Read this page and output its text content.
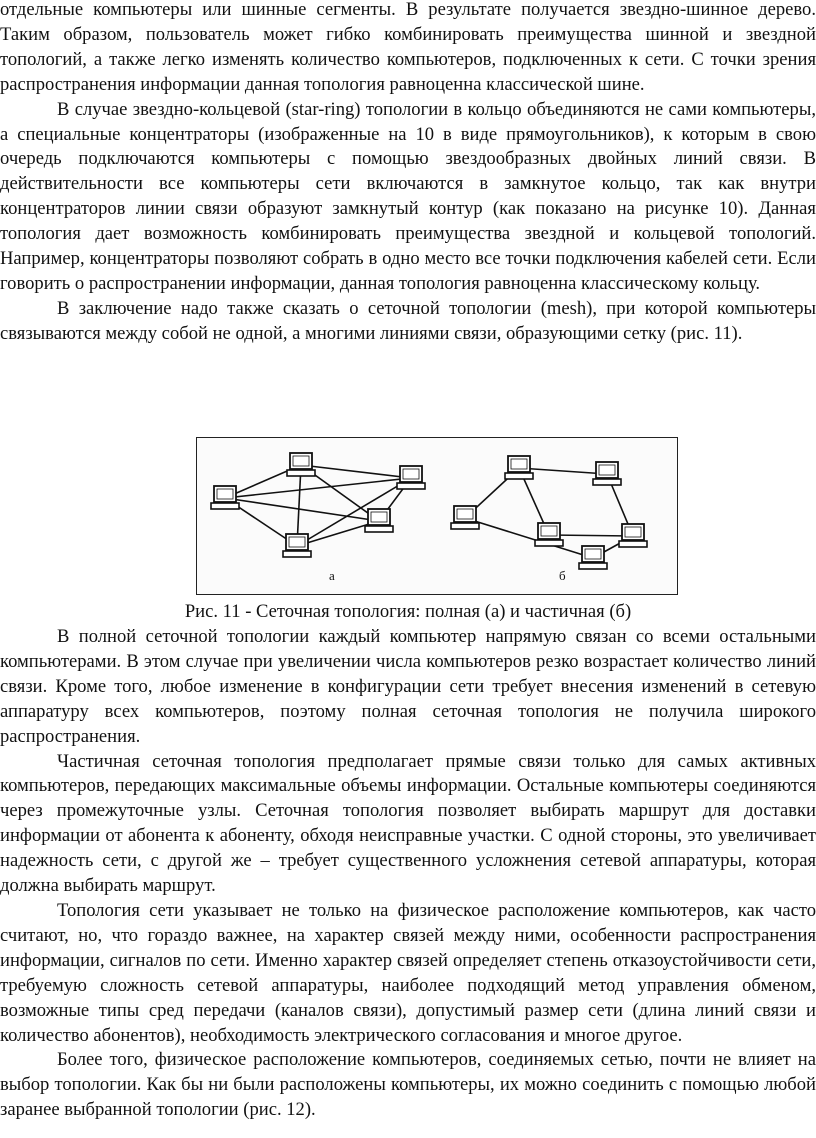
отдельные компьютеры или шинные сегменты. В результате получается звездно-шинное дерево. Таким образом, пользователь может гибко комбинировать преимущества шинной и звездной топологий, а также легко изменять количество компьютеров, подключенных к сети. С точки зрения распространения информации данная топология равноценна классической шине.

В случае звездно-кольцевой (star-ring) топологии в кольцо объединяются не сами компьютеры, а специальные концентраторы (изображенные на 10 в виде прямоугольников), к которым в свою очередь подключаются компьютеры с помощью звездообразных двойных линий связи. В действительности все компьютеры сети включаются в замкнутое кольцо, так как внутри концентраторов линии связи образуют замкнутый контур (как показано на рисунке 10). Данная топология дает возможность комбинировать преимущества звездной и кольцевой топологий. Например, концентраторы позволяют собрать в одно место все точки подключения кабелей сети. Если говорить о распространении информации, данная топология равноценна классическому кольцу.

В заключение надо также сказать о сеточной топологии (mesh), при которой компьютеры связываются между собой не одной, а многими линиями связи, образующими сетку (рис. 11).

а	б
Рис. 11 - Сеточная топология: полная (а) и частичная (б)

В полной сеточной топологии каждый компьютер напрямую связан со всеми остальными компьютерами. В этом случае при увеличении числа компьютеров резко возрастает количество линий связи. Кроме того, любое изменение в конфигурации сети требует внесения изменений в сетевую аппаратуру всех компьютеров, поэтому полная сеточная топология не получила широкого распространения.

Частичная сеточная топология предполагает прямые связи только для самых активных компьютеров, передающих максимальные объемы информации. Остальные компьютеры соединяются через промежуточные узлы. Сеточная топология позволяет выбирать маршрут для доставки информации от абонента к абоненту, обходя неисправные участки. С одной стороны, это увеличивает надежность сети, с другой же – требует существенного усложнения сетевой аппаратуры, которая должна выбирать маршрут.

Топология сети указывает не только на физическое расположение компьютеров, как часто считают, но, что гораздо важнее, на характер связей между ними, особенности распространения информации, сигналов по сети. Именно характер связей определяет степень отказоустойчивости сети, требуемую сложность сетевой аппаратуры, наиболее подходящий метод управления обменом, возможные типы сред передачи (каналов связи), допустимый размер сети (длина линий связи и количество абонентов), необходимость электрического согласования и многое другое.

Более того, физическое расположение компьютеров, соединяемых сетью, почти не влияет на выбор топологии. Как бы ни были расположены компьютеры, их можно соединить с помощью любой заранее выбранной топологии (рис. 12).
